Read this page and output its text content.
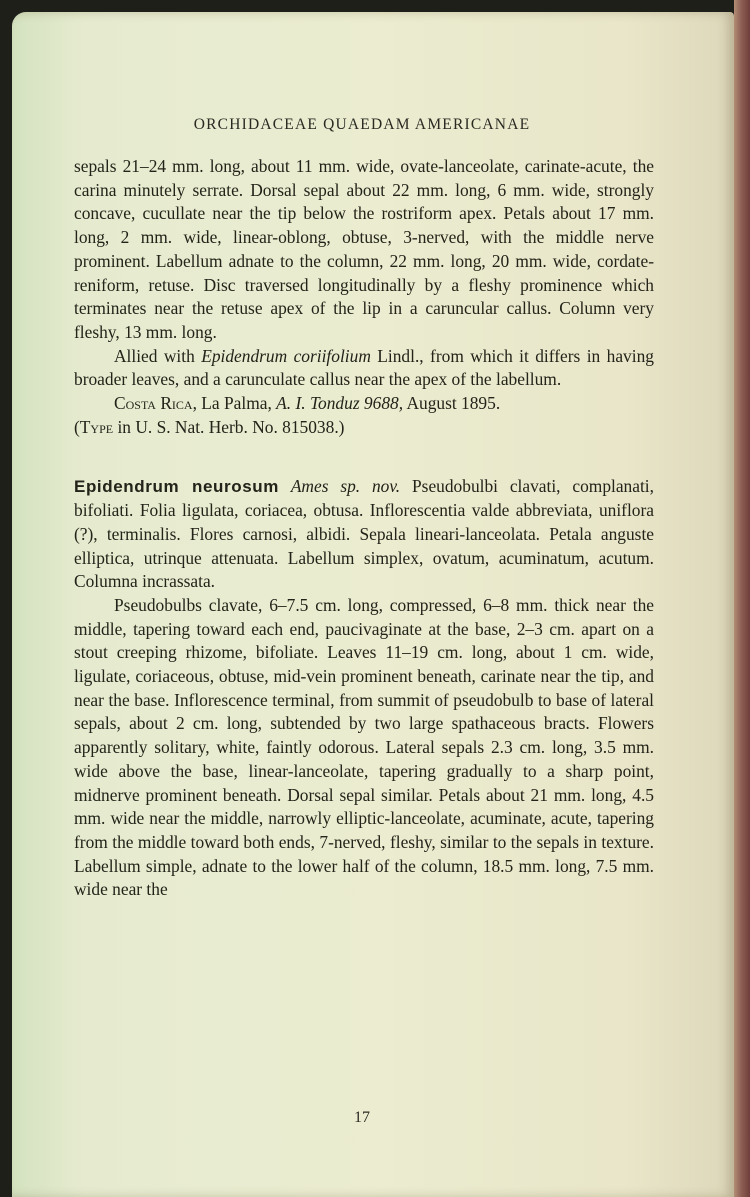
ORCHIDACEAE QUAEDAM AMERICANAE

sepals 21–24 mm. long, about 11 mm. wide, ovate-lanceolate, carinate-acute, the carina minutely serrate. Dorsal sepal about 22 mm. long, 6 mm. wide, strongly concave, cucullate near the tip below the rostriform apex. Petals about 17 mm. long, 2 mm. wide, linear-oblong, obtuse, 3-nerved, with the middle nerve prominent. Labellum adnate to the column, 22 mm. long, 20 mm. wide, cordate-reniform, retuse. Disc traversed longitudinally by a fleshy prominence which terminates near the retuse apex of the lip in a caruncular callus. Column very fleshy, 13 mm. long.

Allied with Epidendrum coriifolium Lindl., from which it differs in having broader leaves, and a carunculate callus near the apex of the labellum.

Costa Rica, La Palma, A. I. Tonduz 9688, August 1895.

(Type in U. S. Nat. Herb. No. 815038.)

Epidendrum neurosum Ames sp. nov. Pseudobulbi clavati, complanati, bifoliati. Folia ligulata, coriacea, obtusa. Inflorescentia valde abbreviata, uniflora (?), terminalis. Flores carnosi, albidi. Sepala lineari-lanceolata. Petala anguste elliptica, utrinque attenuata. Labellum simplex, ovatum, acuminatum, acutum. Columna incrassata.

Pseudobulbs clavate, 6–7.5 cm. long, compressed, 6–8 mm. thick near the middle, tapering toward each end, paucivaginate at the base, 2–3 cm. apart on a stout creeping rhizome, bifoliate. Leaves 11–19 cm. long, about 1 cm. wide, ligulate, coriaceous, obtuse, mid-vein prominent beneath, carinate near the tip, and near the base. Inflorescence terminal, from summit of pseudobulb to base of lateral sepals, about 2 cm. long, subtended by two large spathaceous bracts. Flowers apparently solitary, white, faintly odorous. Lateral sepals 2.3 cm. long, 3.5 mm. wide above the base, linear-lanceolate, tapering gradually to a sharp point, midnerve prominent beneath. Dorsal sepal similar. Petals about 21 mm. long, 4.5 mm. wide near the middle, narrowly elliptic-lanceolate, acuminate, acute, tapering from the middle toward both ends, 7-nerved, fleshy, similar to the sepals in texture. Labellum simple, adnate to the lower half of the column, 18.5 mm. long, 7.5 mm. wide near the

17
